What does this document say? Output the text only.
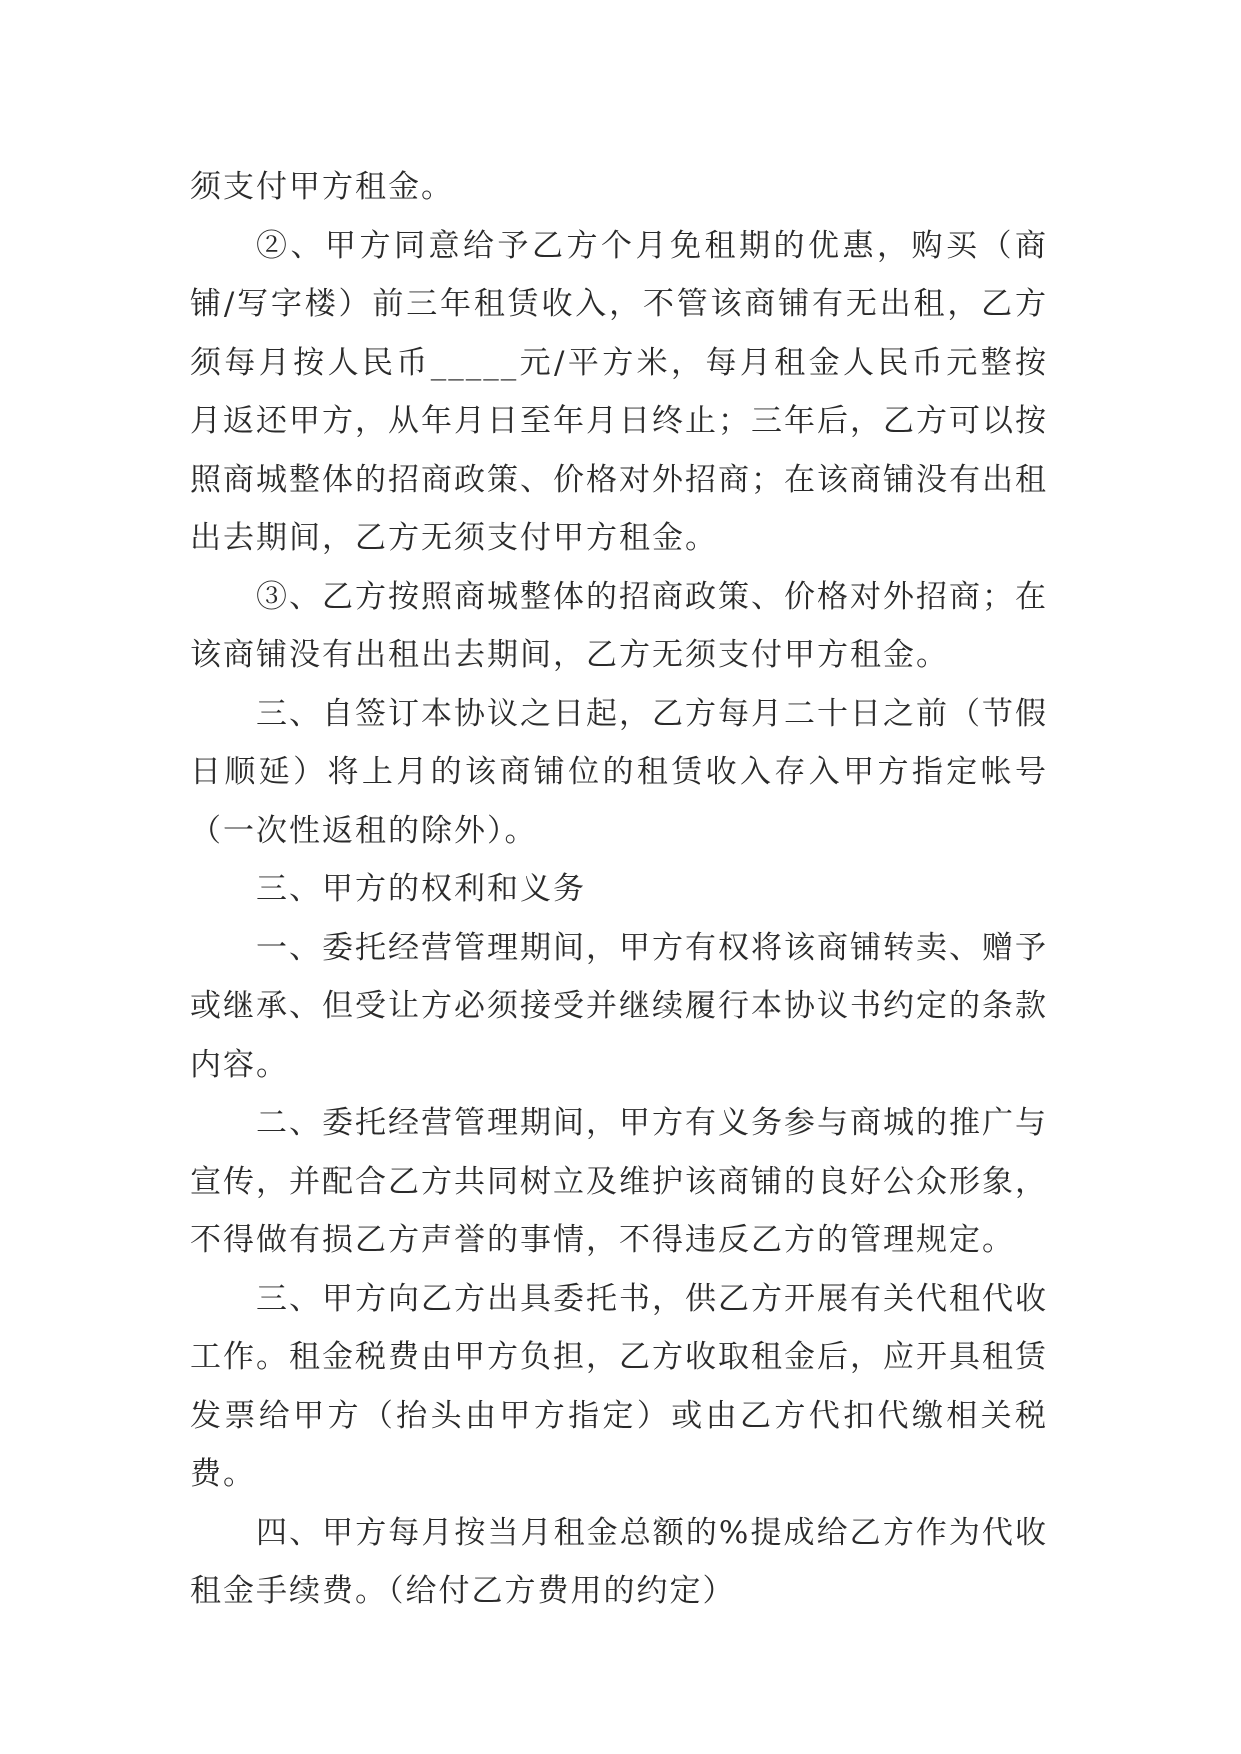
须支付甲方租金。

②、甲方同意给予乙方个月免租期的优惠，购买（商铺/写字楼）前三年租赁收入，不管该商铺有无出租，乙方须每月按人民币_____元/平方米，每月租金人民币元整按月返还甲方，从年月日至年月日终止；三年后，乙方可以按照商城整体的招商政策、价格对外招商；在该商铺没有出租出去期间，乙方无须支付甲方租金。

③、乙方按照商城整体的招商政策、价格对外招商；在该商铺没有出租出去期间，乙方无须支付甲方租金。

三、自签订本协议之日起，乙方每月二十日之前（节假日顺延）将上月的该商铺位的租赁收入存入甲方指定帐号（一次性返租的除外）。

三、甲方的权利和义务

一、委托经营管理期间，甲方有权将该商铺转卖、赠予或继承、但受让方必须接受并继续履行本协议书约定的条款内容。

二、委托经营管理期间，甲方有义务参与商城的推广与宣传，并配合乙方共同树立及维护该商铺的良好公众形象，不得做有损乙方声誉的事情，不得违反乙方的管理规定。

三、甲方向乙方出具委托书，供乙方开展有关代租代收工作。租金税费由甲方负担，乙方收取租金后，应开具租赁发票给甲方（抬头由甲方指定）或由乙方代扣代缴相关税费。

四、甲方每月按当月租金总额的%提成给乙方作为代收租金手续费。（给付乙方费用的约定）
